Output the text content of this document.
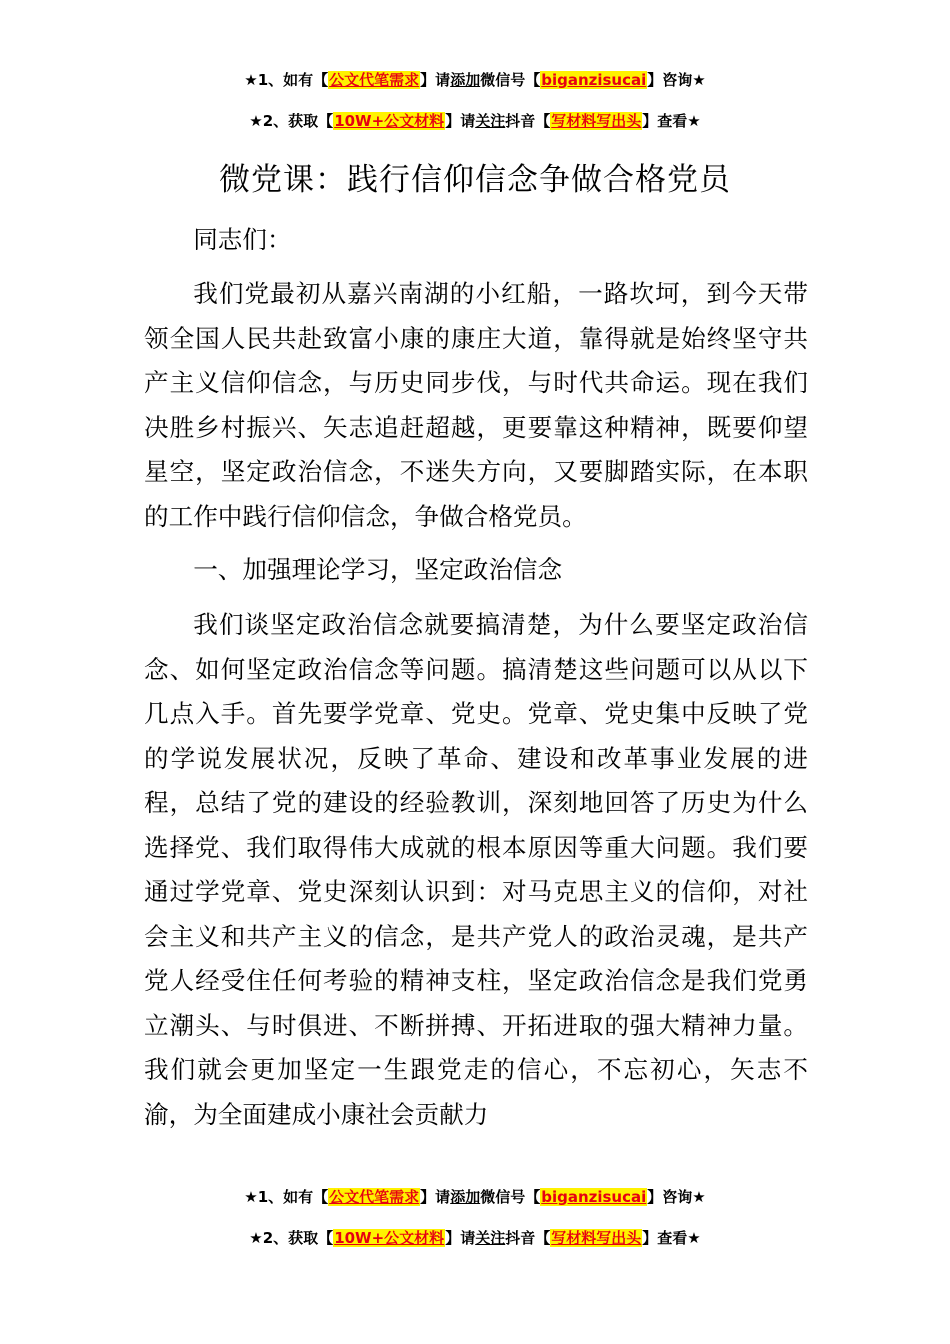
★1、如有【公文代笔需求】请添加微信号【biganzisucai】咨询★
★2、获取【10W+公文材料】请关注抖音【写材料写出头】查看★
微党课：践行信仰信念争做合格党员

同志们：

我们党最初从嘉兴南湖的小红船，一路坎坷，到今天带领全国人民共赴致富小康的康庄大道，靠得就是始终坚守共产主义信仰信念，与历史同步伐，与时代共命运。现在我们决胜乡村振兴、矢志追赶超越，更要靠这种精神，既要仰望星空，坚定政治信念，不迷失方向，又要脚踏实际，在本职的工作中践行信仰信念，争做合格党员。

一、加强理论学习，坚定政治信念

我们谈坚定政治信念就要搞清楚，为什么要坚定政治信念、如何坚定政治信念等问题。搞清楚这些问题可以从以下几点入手。首先要学党章、党史。党章、党史集中反映了党的学说发展状况，反映了革命、建设和改革事业发展的进程，总结了党的建设的经验教训，深刻地回答了历史为什么选择党、我们取得伟大成就的根本原因等重大问题。我们要通过学党章、党史深刻认识到：对马克思主义的信仰，对社会主义和共产主义的信念，是共产党人的政治灵魂，是共产党人经受住任何考验的精神支柱，坚定政治信念是我们党勇立潮头、与时俱进、不断拼搏、开拓进取的强大精神力量。我们就会更加坚定一生跟党走的信心，不忘初心，矢志不渝，为全面建成小康社会贡献力

★1、如有【公文代笔需求】请添加微信号【biganzisucai】咨询★
★2、获取【10W+公文材料】请关注抖音【写材料写出头】查看★
